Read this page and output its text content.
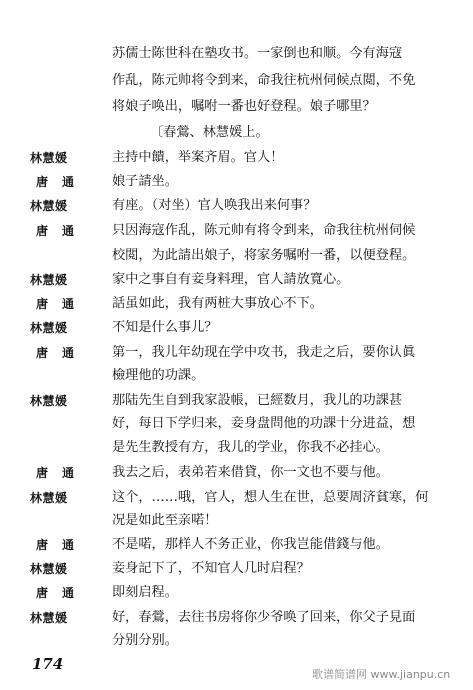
苏儒士陈世科在塾攻书。一家倒也和顺。今有海寇
作乱，陈元帅将令到来，命我往杭州伺候点閲，不免
将娘子唤出，嘱咐一番也好登程。娘子哪里？
〔春鶯、林慧媛上。
林慧媛	主持中饋，举案齐眉。官人！
唐通	娘子請坐。
林慧媛	有座。（对坐）官人唤我出来何事？
唐通	只因海寇作乱，陈元帅有将令到来，命我往杭州伺候
校閲，为此請出娘子，将家务嘱咐一番，以便登程。
林慧媛	家中之事自有妾身料理，官人請放寬心。
唐通	話虽如此，我有两桩大事放心不下。
林慧媛	不知是什么事儿？
唐通	第一，我儿年幼现在学中攻书，我走之后，要你认眞
檢理他的功課。
林慧媛	那陆先生自到我家設帳，已經数月，我儿的功課甚
好，每日下学归来，妾身盘問他的功課十分进益，想
是先生教授有方，我儿的学业，你我不必挂心。
唐通	我去之后，表弟若来借貸，你一文也不要与他。
林慧媛	这个，……哦，官人，想人生在世，总要周济貧寒，何
况是如此至亲喏！
唐通	不是喏，那样人不务正业，你我岂能借錢与他。
林慧媛	妾身記下了，不知官人几时启程？
唐通	即刻启程。
林慧媛	好，春鶯，去往书房将你少爷唤了回来，你父子見面
分别分别。
174
歌谱简谱网 www.jianpu.cn
